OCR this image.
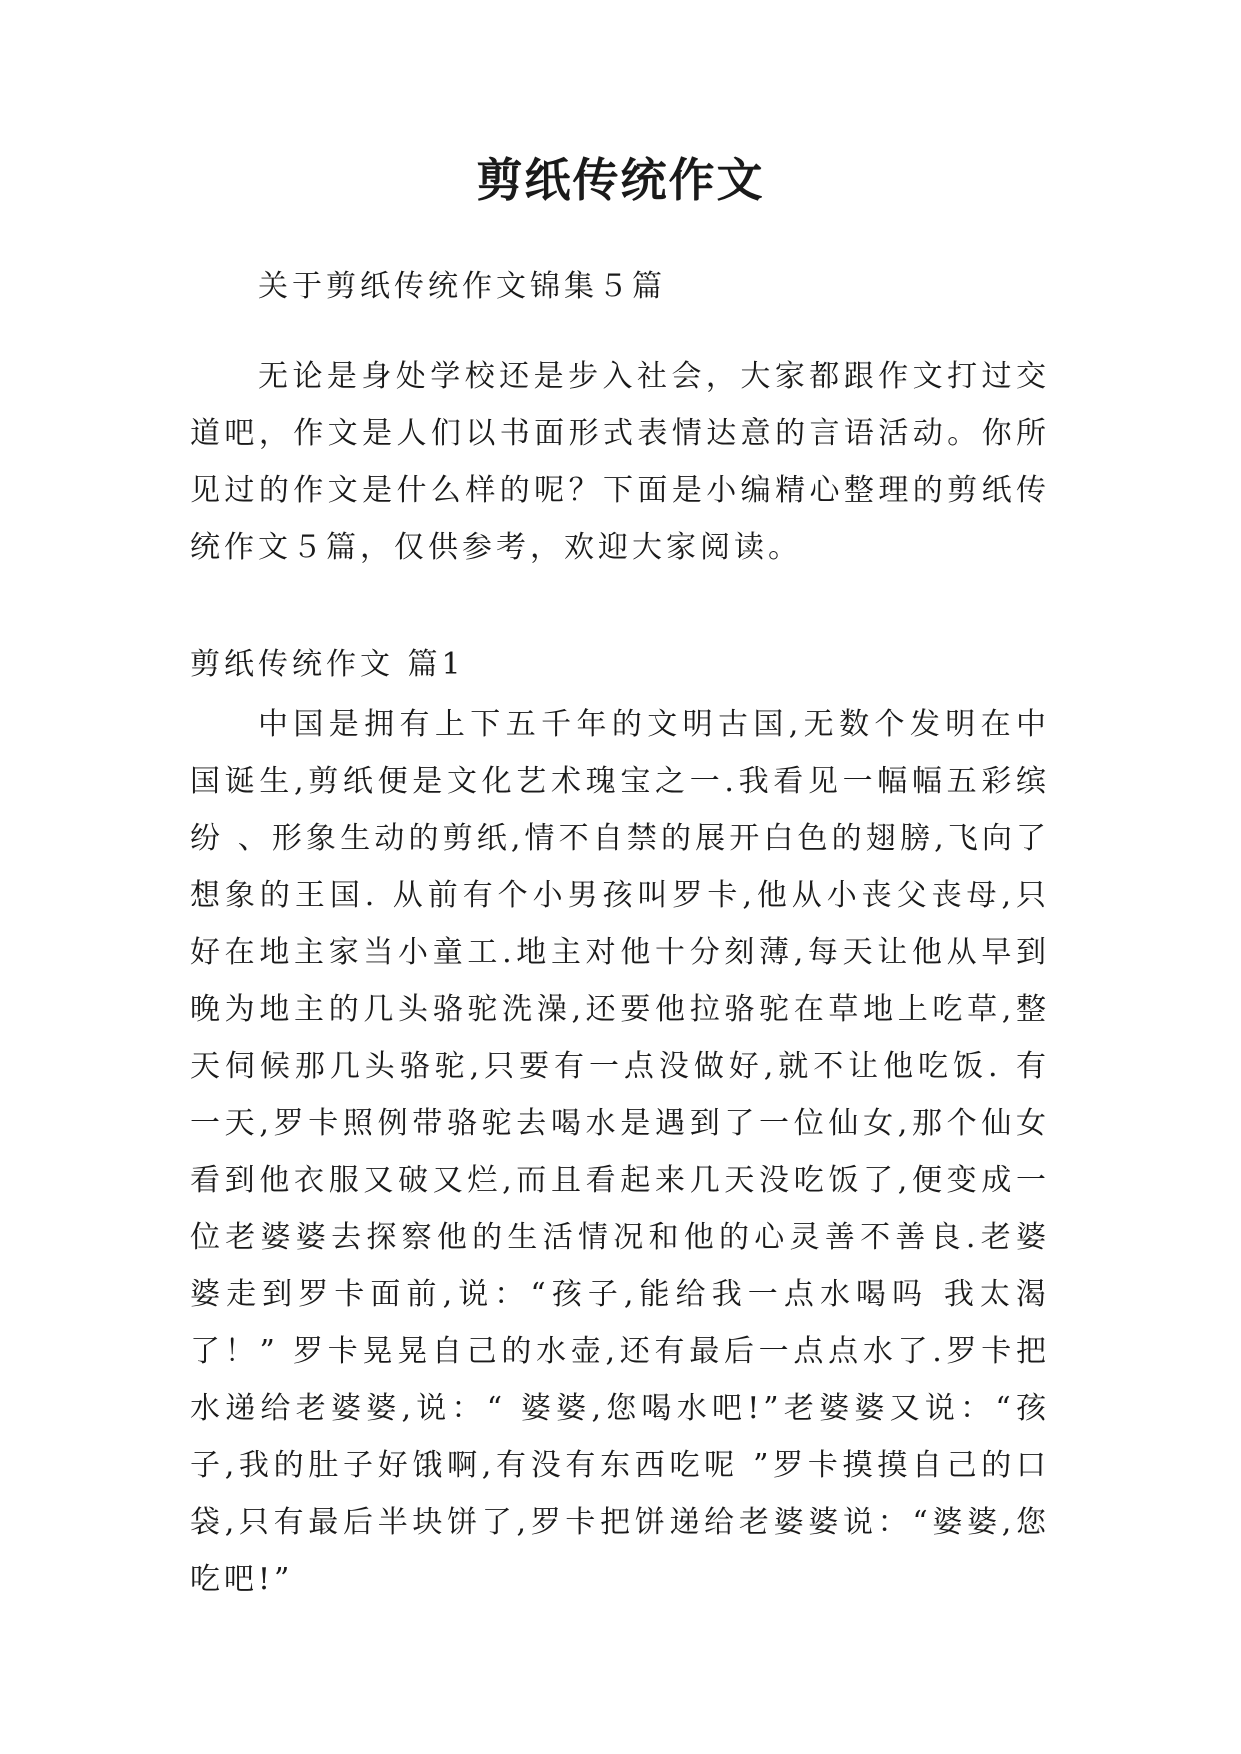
剪纸传统作文

关于剪纸传统作文锦集５篇

无论是身处学校还是步入社会，大家都跟作文打过交道吧，作文是人们以书面形式表情达意的言语活动。你所见过的作文是什么样的呢？下面是小编精心整理的剪纸传统作文５篇，仅供参考，欢迎大家阅读。

剪纸传统作文 篇1

中国是拥有上下五千年的文明古国,无数个发明在中国诞生,剪纸便是文化艺术瑰宝之一.我看见一幅幅五彩缤纷 、形象生动的剪纸,情不自禁的展开白色的翅膀,飞向了想象的王国. 从前有个小男孩叫罗卡,他从小丧父丧母,只好在地主家当小童工.地主对他十分刻薄,每天让他从早到晚为地主的几头骆驼洗澡,还要他拉骆驼在草地上吃草,整天伺候那几头骆驼,只要有一点没做好,就不让他吃饭. 有一天,罗卡照例带骆驼去喝水是遇到了一位仙女,那个仙女看到他衣服又破又烂,而且看起来几天没吃饭了,便变成一位老婆婆去探察他的生活情况和他的心灵善不善良.老婆婆走到罗卡面前,说：“孩子,能给我一点水喝吗 我太渴了！” 罗卡晃晃自己的水壶,还有最后一点点水了.罗卡把水递给老婆婆,说：“ 婆婆,您喝水吧!”老婆婆又说：“孩子,我的肚子好饿啊,有没有东西吃呢 ”罗卡摸摸自己的口袋,只有最后半块饼了,罗卡把饼递给老婆婆说：“婆婆,您吃吧!”
